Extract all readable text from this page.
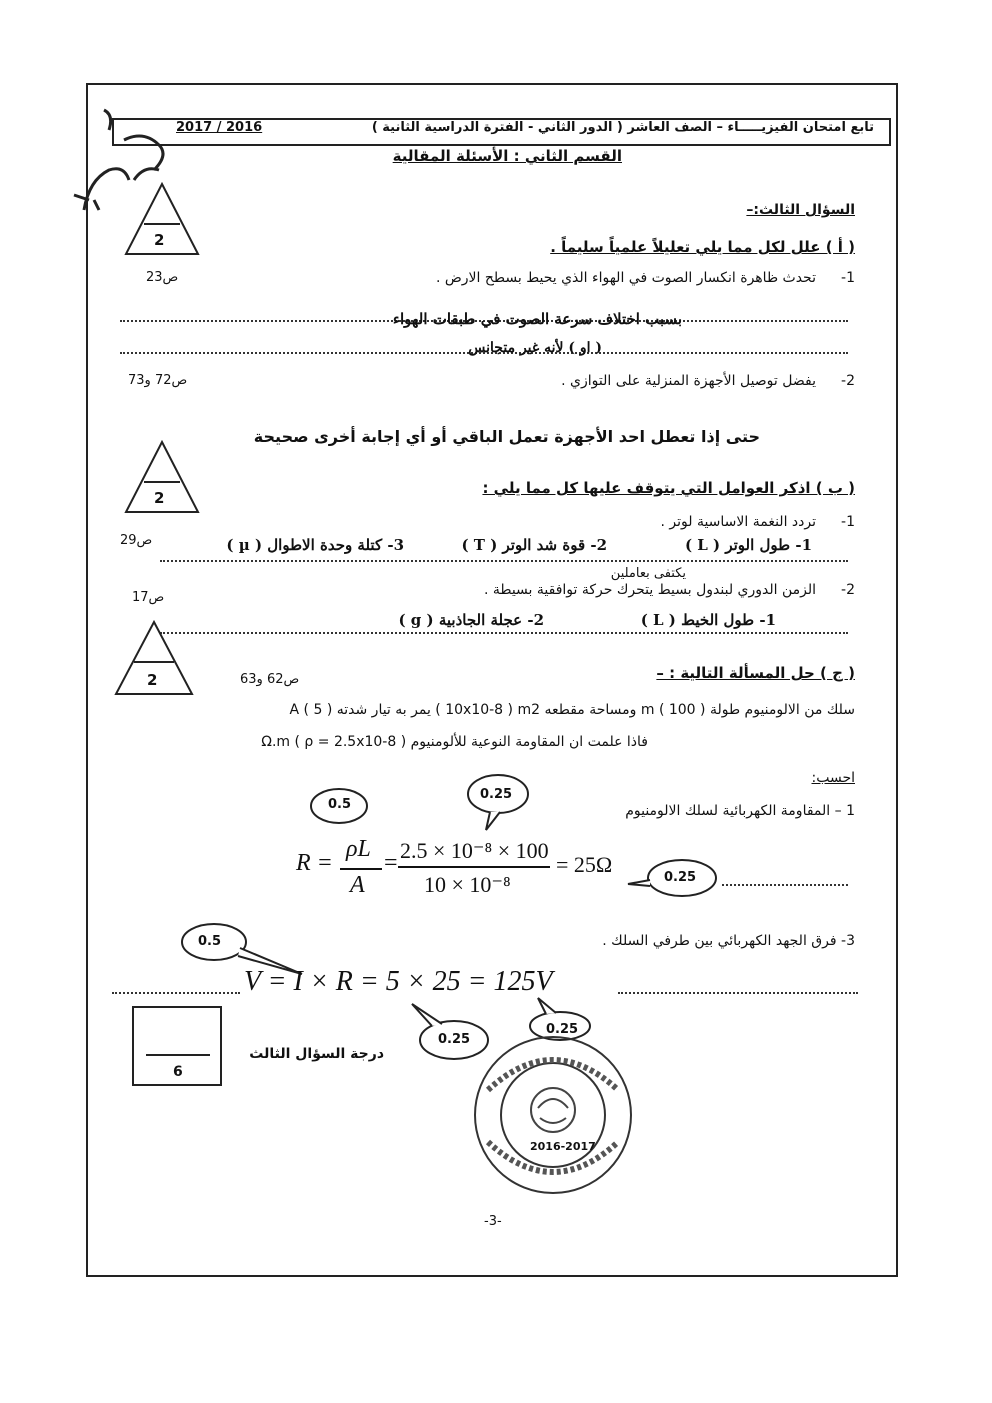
تابع امتحان الفيزيـــــاء – الصف العاشر ( الدور الثاني - الفترة الدراسية الثانية )
2017 / 2016
القسم الثاني : الأسئلة المقالية
السؤال الثالث:–
2	( أ ) علل لكل مما يلي تعليلاً علمياً سليماً .
1-
تحدث ظاهرة انكسار الصوت في الهواء الذي يحيط بسطح الارض .
ص23
بسبب اختلاف سرعة الصوت في طبقات الهواء
( او ) لأنه غير متجانس
2-
يفضل توصيل الأجهزة المنزلية على التوازي .
ص72 و73
حتى إذا تعطل احد الأجهزة تعمل الباقي أو أي إجابة أخرى صحيحة
2
( ب ) اذكر العوامل التي يتوقف عليها كل مما يلي :
1-
تردد النغمة الاساسية لوتر .
ص29	1- طول الوتر ( L )
2- قوة شد الوتر ( T )
3- كتلة وحدة الاطوال ( µ )
يكتفى بعاملين
2-
الزمن الدوري لبندول بسيط يتحرك حركة توافقية بسيطة .
ص17
1- طول الخيط ( L )
2- عجلة الجاذبية ( g )
2	( ج ) حل المسألة التالية : –
ص62 و63
سلك من الالومنيوم طولة m ( 100 ) ومساحة مقطعه 10x10-8 ) m2 ) يمر به تيار شدته A ( 5 )
فاذا علمت ان المقاومة النوعية للألومنيوم Ω.m ( ρ = 2.5x10-8 )
احسب:
1 – المقاومة الكهربائية لسلك الالومنيوم
0.5
0.25
R =
ρL
A
= 2.5 × 10⁻⁸ × 100
10 × 10⁻⁸
= 25Ω
0.25
3- فرق الجهد الكهربائي بين طرفي السلك .
0.5
V = I × R = 5 × 25 = 125V
0.25
0.25
6
درجة السؤال الثالث
2016-2017
-3-
